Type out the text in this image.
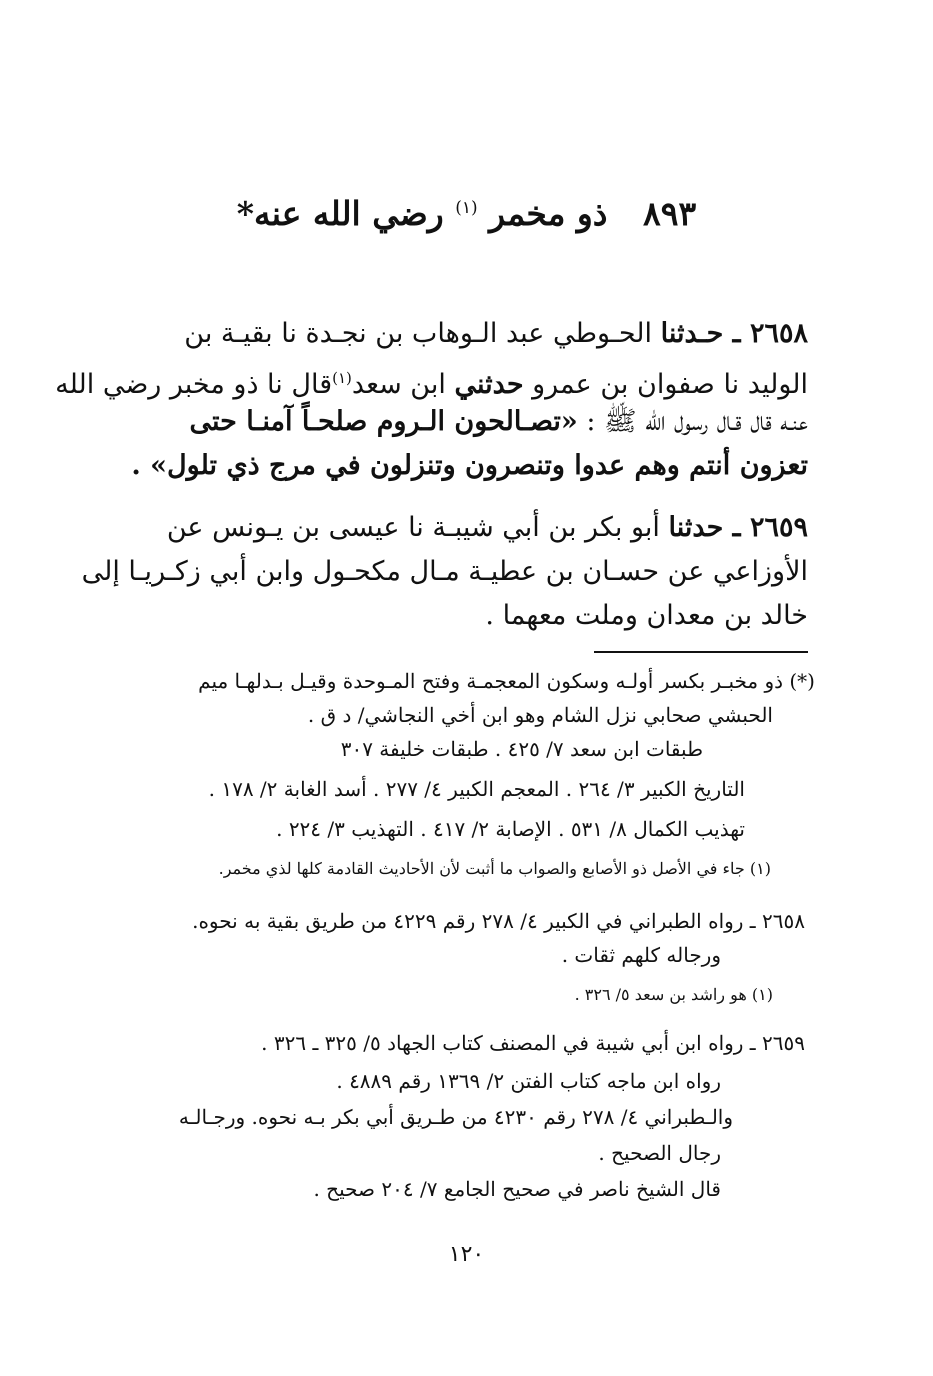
٨٩٣ ذو مخمر $^{(١)}$ رضي الله عنه*
٢٦٥٨ ـ حـدثنا الحـوطي عبد الـوهاب بن نجـدة نا بقيـة بن
الوليد نا صفوان بن عمرو حدثني ابن سعد$^{(١)}$قال نا ذو مخبر رضي الله
عنـه قال قـال رسول الله ﷺ : «تصـالحون الـروم صلحـاً آمنـا حتى
تعزون أنتم وهم عدوا وتنصرون وتنزلون في مرج ذي تلول» .
٢٦٥٩ ـ حدثنا أبو بكر بن أبي شيبـة نا عيسى بن يـونس عن
الأوزاعي عن حسـان بن عطيـة مـال مكحـول وابن أبي زكـريـا إلى
خالد بن معدان وملت معهما .
(*) ذو مخبـر بكسر أولـه وسكون المعجمـة وفتح المـوحدة وقيـل بـدلهـا ميم
الحبشي صحابي نزل الشام وهو ابن أخي النجاشي/ د ق .
طبقات ابن سعد ٧/ ٤٢٥ . طبقات خليفة ٣٠٧
التاريخ الكبير ٣/ ٢٦٤ . المعجم الكبير ٤/ ٢٧٧ . أسد الغابة ٢/ ١٧٨ .
تهذيب الكمال ٨/ ٥٣١ . الإصابة ٢/ ٤١٧ . التهذيب ٣/ ٢٢٤ .
(١) جاء في الأصل ذو الأصابع والصواب ما أثبت لأن الأحاديث القادمة كلها لذي مخمر.
٢٦٥٨ ـ رواه الطبراني في الكبير ٤/ ٢٧٨ رقم ٤٢٢٩ من طريق بقية به نحوه.
ورجاله كلهم ثقات .
(١) هو راشد بن سعد ٥/ ٣٢٦ .
٢٦٥٩ ـ رواه ابن أبي شيبة في المصنف كتاب الجهاد ٥/ ٣٢٥ ـ ٣٢٦ .
رواه ابن ماجه كتاب الفتن ٢/ ١٣٦٩ رقم ٤٨٨٩ .
والـطبراني ٤/ ٢٧٨ رقم ٤٢٣٠ من طـريق أبي بكر بـه نحوه. ورجـالـه
رجال الصحيح .
قال الشيخ ناصر في صحيح الجامع ٧/ ٢٠٤ صحيح .
١٢٠
